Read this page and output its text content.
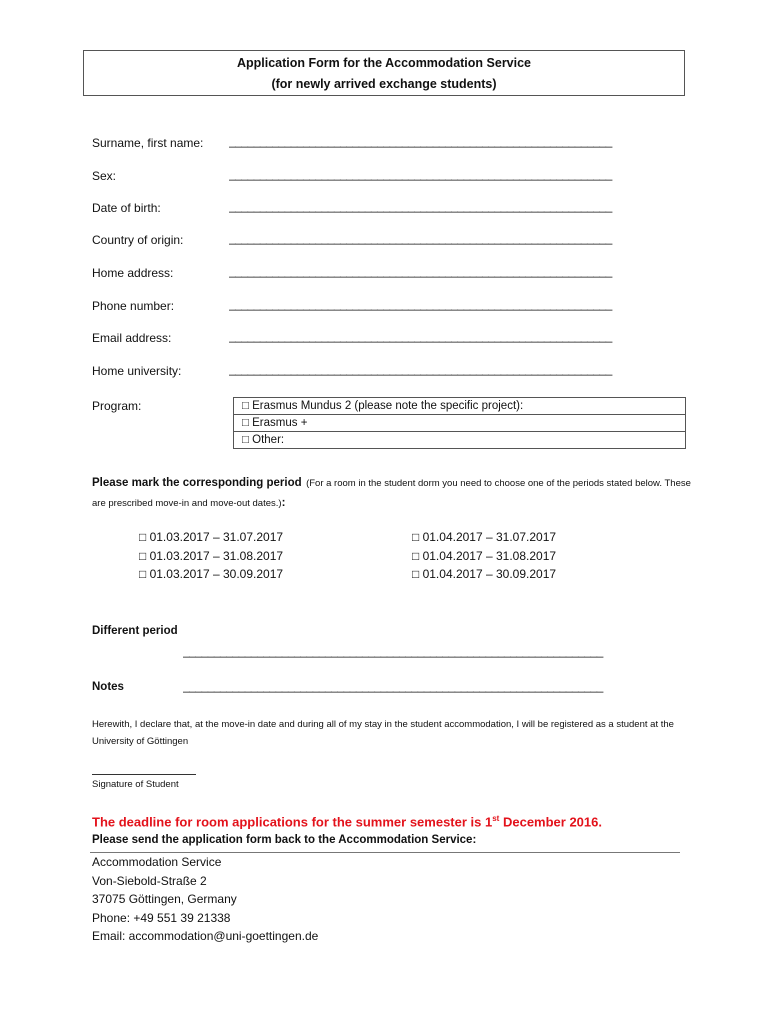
Application Form for the Accommodation Service
(for newly arrived exchange students)
Surname, first name: ______________________________________________________________
Sex:	______________________________________________________________
Date of birth:	______________________________________________________________
Country of origin:	______________________________________________________________
Home address:	______________________________________________________________
Phone number:	______________________________________________________________
Email address:	______________________________________________________________
Home university:	______________________________________________________________
Program:	□ Erasmus Mundus 2 (please note the specific project):
□ Erasmus +
□ Other:
Please mark the corresponding period (For a room in the student dorm you need to choose one of the periods stated below. These are prescribed move-in and move-out dates.):
□ 01.03.2017 – 31.07.2017
□ 01.03.2017 – 31.08.2017
□ 01.03.2017 – 30.09.2017
□ 01.04.2017 – 31.07.2017
□ 01.04.2017 – 31.08.2017
□ 01.04.2017 – 30.09.2017
Different period
____________________________________________________________________
Notes	____________________________________________________________________
Herewith, I declare that, at the move-in date and during all of my stay in the student accommodation, I will be registered as a student at the University of Göttingen
Signature of Student
The deadline for room applications for the summer semester is 1st December 2016.
Please send the application form back to the Accommodation Service:
Accommodation Service
Von-Siebold-Straße 2
37075 Göttingen, Germany
Phone: +49 551 39 21338
Email: accommodation@uni-goettingen.de
